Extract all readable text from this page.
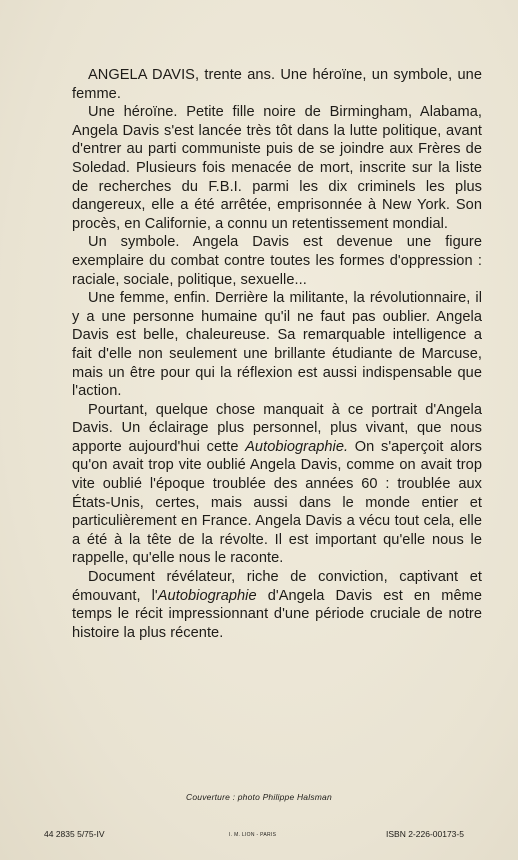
ANGELA DAVIS, trente ans. Une héroïne, un symbole, une femme.

Une héroïne. Petite fille noire de Birmingham, Alabama, Angela Davis s'est lancée très tôt dans la lutte politique, avant d'entrer au parti communiste puis de se joindre aux Frères de Soledad. Plusieurs fois menacée de mort, inscrite sur la liste de recherches du F.B.I. parmi les dix criminels les plus dangereux, elle a été arrêtée, emprisonnée à New York. Son procès, en Californie, a connu un retentissement mondial.

Un symbole. Angela Davis est devenue une figure exemplaire du combat contre toutes les formes d'oppression : raciale, sociale, politique, sexuelle...

Une femme, enfin. Derrière la militante, la révolutionnaire, il y a une personne humaine qu'il ne faut pas oublier. Angela Davis est belle, chaleureuse. Sa remarquable intelligence a fait d'elle non seulement une brillante étudiante de Marcuse, mais un être pour qui la réflexion est aussi indispensable que l'action.

Pourtant, quelque chose manquait à ce portrait d'Angela Davis. Un éclairage plus personnel, plus vivant, que nous apporte aujourd'hui cette Autobiographie. On s'aperçoit alors qu'on avait trop vite oublié Angela Davis, comme on avait trop vite oublié l'époque troublée des années 60 : troublée aux États-Unis, certes, mais aussi dans le monde entier et particulièrement en France. Angela Davis a vécu tout cela, elle a été à la tête de la révolte. Il est important qu'elle nous le rappelle, qu'elle nous le raconte.

Document révélateur, riche de conviction, captivant et émouvant, l'Autobiographie d'Angela Davis est en même temps le récit impressionnant d'une période cruciale de notre histoire la plus récente.

Couverture : photo Philippe Halsman
44 2835 5/75-IV	I. M. LION - PARIS	ISBN 2-226-00173-5
